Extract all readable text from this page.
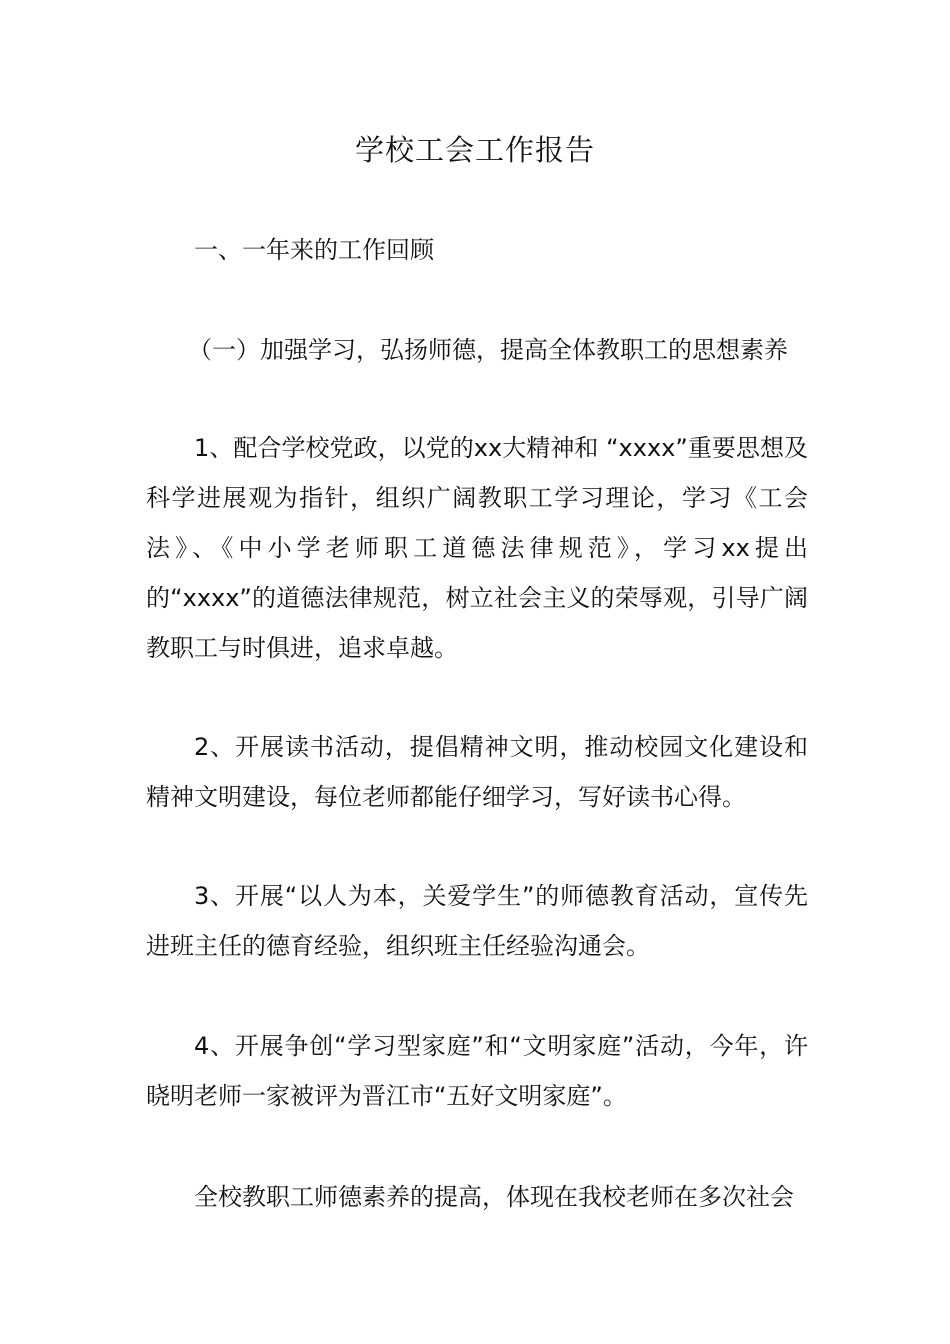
学校工会工作报告
一、一年来的工作回顾
（一）加强学习，弘扬师德，提高全体教职工的思想素养
1、配合学校党政，以党的xx大精神和 “xxxx”重要思想及科学进展观为指针，组织广阔教职工学习理论，学习《工会法》、《中小学老师职工道德法律规范》，学习xx提出的“xxxx”的道德法律规范，树立社会主义的荣辱观，引导广阔教职工与时俱进，追求卓越。
2、开展读书活动，提倡精神文明，推动校园文化建设和精神文明建设，每位老师都能仔细学习，写好读书心得。
3、开展“以人为本，关爱学生”的师德教育活动，宣传先进班主任的德育经验，组织班主任经验沟通会。
4、开展争创“学习型家庭”和“文明家庭”活动，今年，许晓明老师一家被评为晋江市“五好文明家庭”。
全校教职工师德素养的提高，体现在我校老师在多次社会
